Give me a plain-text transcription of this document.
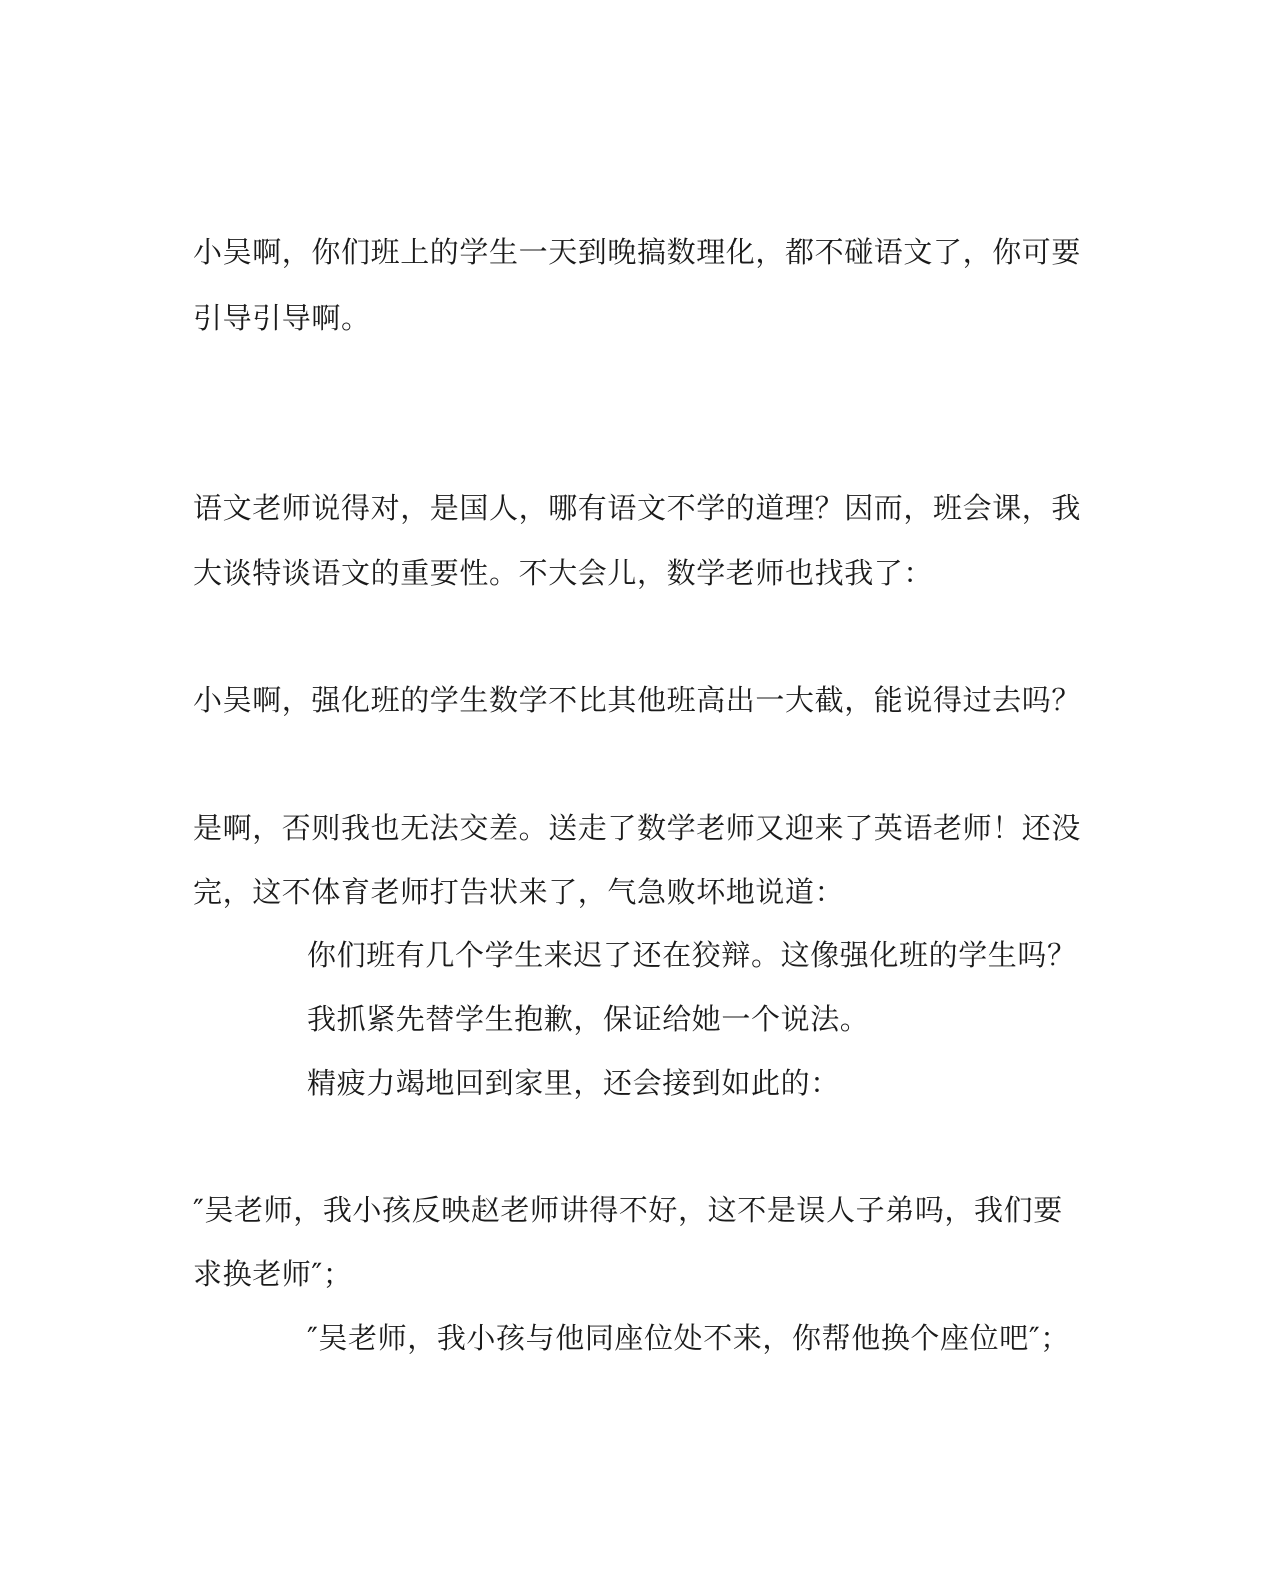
小吴啊，你们班上的学生一天到晚搞数理化，都不碰语文了，你可要

引导引导啊。

语文老师说得对，是国人，哪有语文不学的道理？因而，班会课，我

大谈特谈语文的重要性。不大会儿，数学老师也找我了：

小吴啊，强化班的学生数学不比其他班高出一大截，能说得过去吗？

是啊，否则我也无法交差。送走了数学老师又迎来了英语老师！还没

完，这不体育老师打告状来了，气急败坏地说道：

你们班有几个学生来迟了还在狡辩。这像强化班的学生吗？

我抓紧先替学生抱歉，保证给她一个说法。

精疲力竭地回到家里，还会接到如此的：

″吴老师，我小孩反映赵老师讲得不好，这不是误人子弟吗，我们要

求换老师″；

″吴老师，我小孩与他同座位处不来，你帮他换个座位吧″；
